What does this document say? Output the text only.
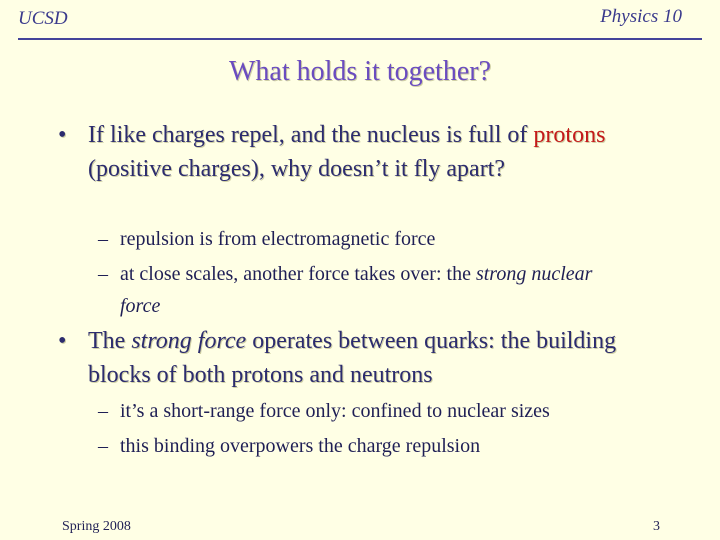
UCSD	Physics 10
What holds it together?
• If like charges repel, and the nucleus is full of protons (positive charges), why doesn’t it fly apart?
– repulsion is from electromagnetic force
– at close scales, another force takes over: the strong nuclear force
• The strong force operates between quarks: the building blocks of both protons and neutrons
– it’s a short-range force only: confined to nuclear sizes
– this binding overpowers the charge repulsion
Spring 2008	3
